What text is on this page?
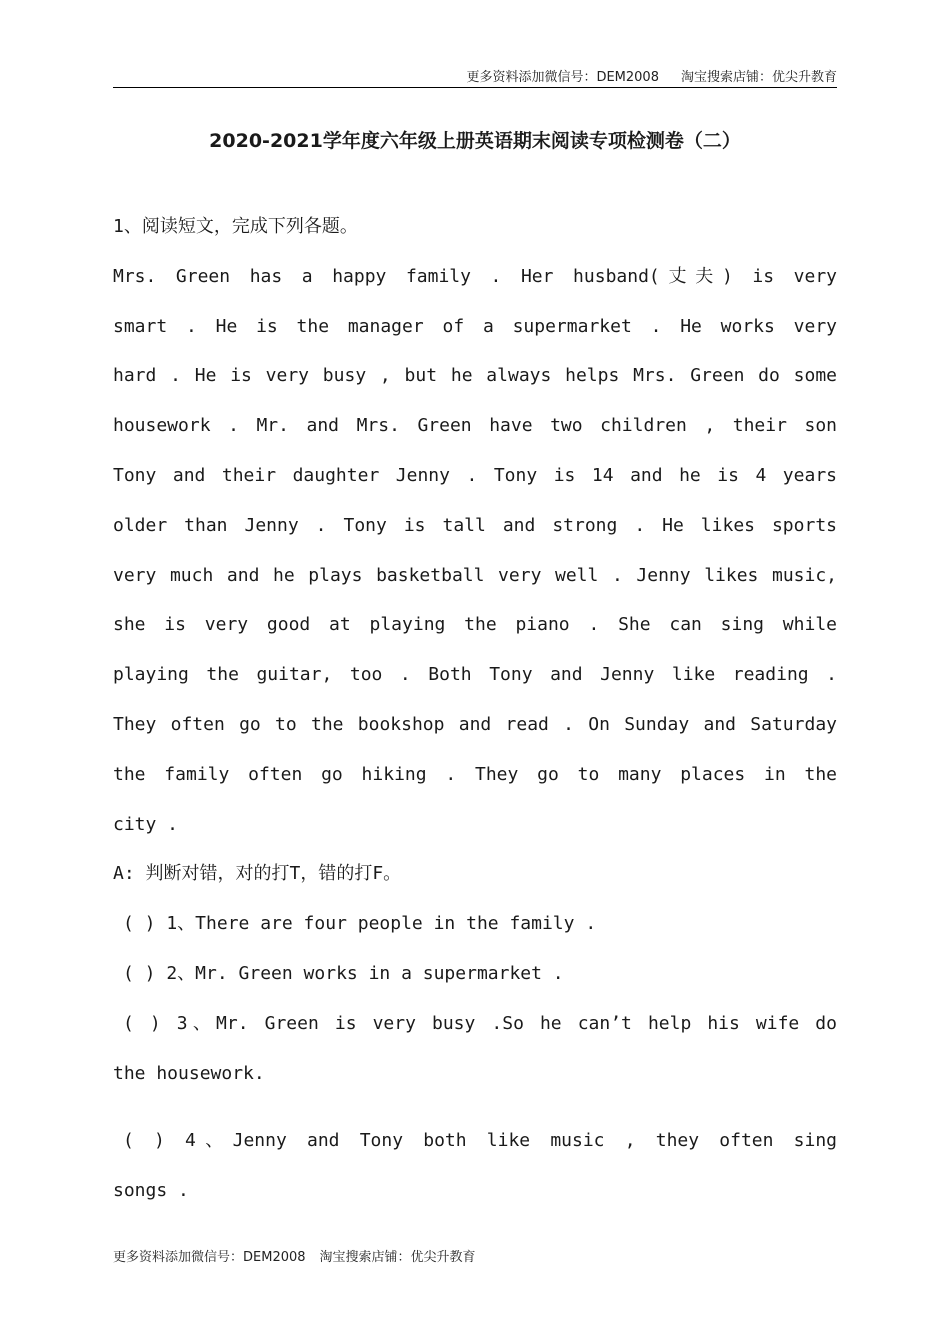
更多资料添加微信号：DEM2008 淘宝搜索店铺：优尖升教育
2020-2021学年度六年级上册英语期末阅读专项检测卷（二）
1、阅读短文，完成下列各题。
Mrs. Green has a happy family . Her husband(丈夫) is very
smart . He is the manager of a supermarket . He works very
hard . He is very busy , but he always helps Mrs. Green do some
housework . Mr. and Mrs. Green have two children , their son
Tony and their daughter Jenny . Tony is 14 and he is 4 years
older than Jenny . Tony is tall and strong . He likes sports
very much and he plays basketball very well . Jenny likes music,
she is very good at playing the piano . She can sing while
playing the guitar, too . Both Tony and Jenny like reading .
They often go to the bookshop and read . On Sunday and Saturday
the family often go hiking . They go to many places in the
city .
A: 判断对错，对的打T，错的打F。
( ) 1、There are four people in the family .
( ) 2、Mr. Green works in a supermarket .
( ) 3、Mr. Green is very busy .So he can’t help his wife do
the housework.
( ) 4、Jenny and Tony both like music , they often sing
songs .
更多资料添加微信号：DEM2008 淘宝搜索店铺：优尖升教育
